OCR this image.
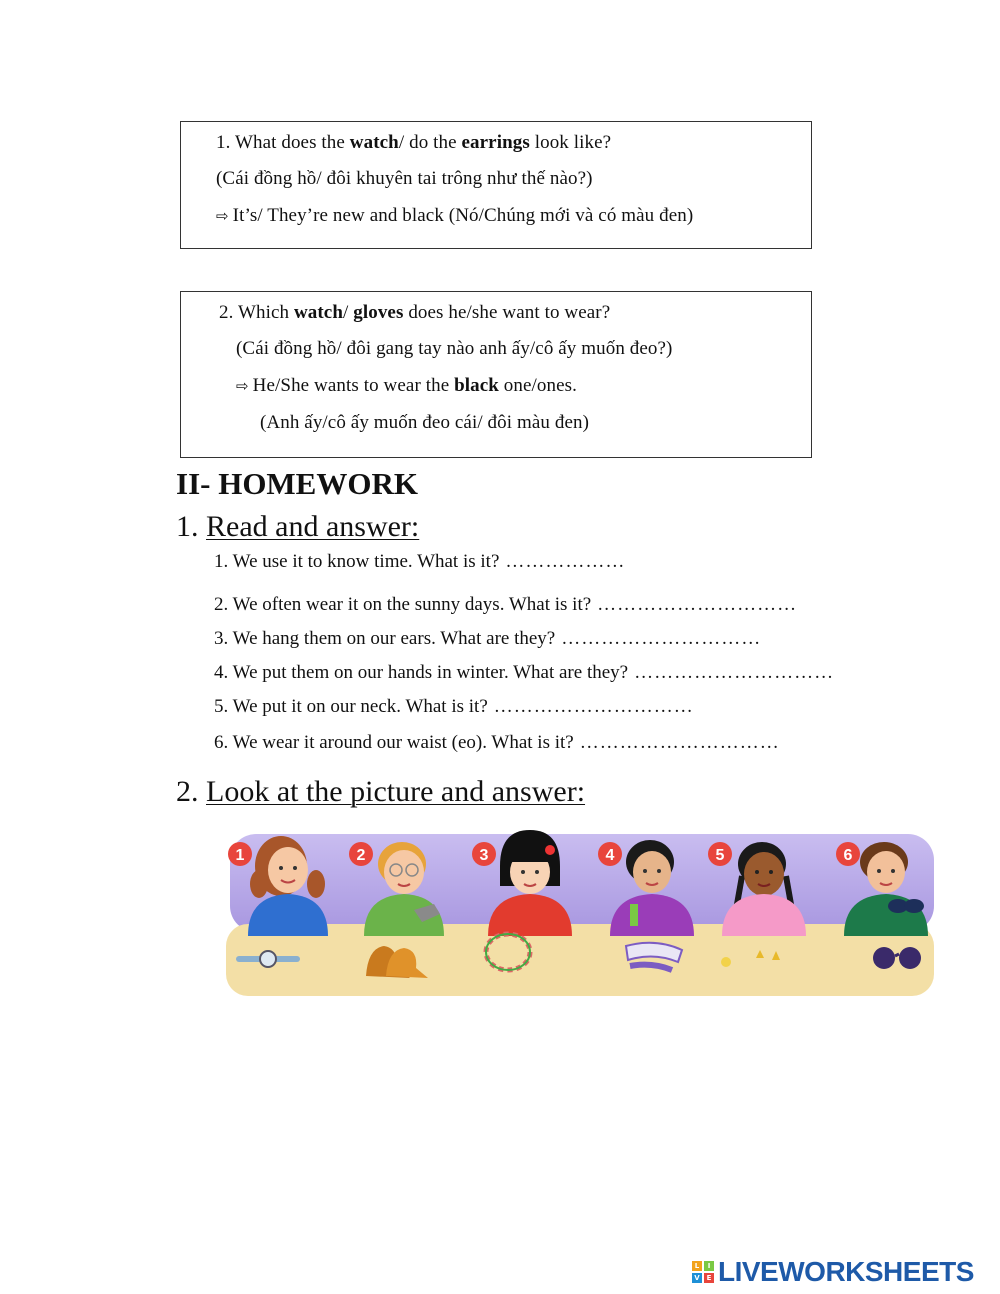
1. What does the watch/ do the earrings look like?
(Cái đồng hồ/ đôi khuyên tai trông như thế nào?)
⇨ It’s/ They’re new and black (Nó/Chúng mới và có màu đen)
2. Which watch/ gloves does he/she want to wear?
(Cái đồng hồ/ đôi gang tay nào anh ấy/cô ấy muốn đeo?)
⇨ He/She wants to wear the black one/ones.
(Anh ấy/cô ấy muốn đeo cái/ đôi màu đen)
II- HOMEWORK
1. Read and answer:
1. We use it to know time. What is it? ………………
2. We often wear it on the sunny days. What is it? …………………………
3. We hang them on our ears. What are they? …………………………
4. We put them on our hands in winter. What are they? …………………………
5. We put it on our neck. What is it? …………………………
6. We wear it around our waist (eo). What is it? …………………………
2. Look at the picture and answer:
1	2	3	4	5	6
L	I
V E LIVEWORKSHEETS
